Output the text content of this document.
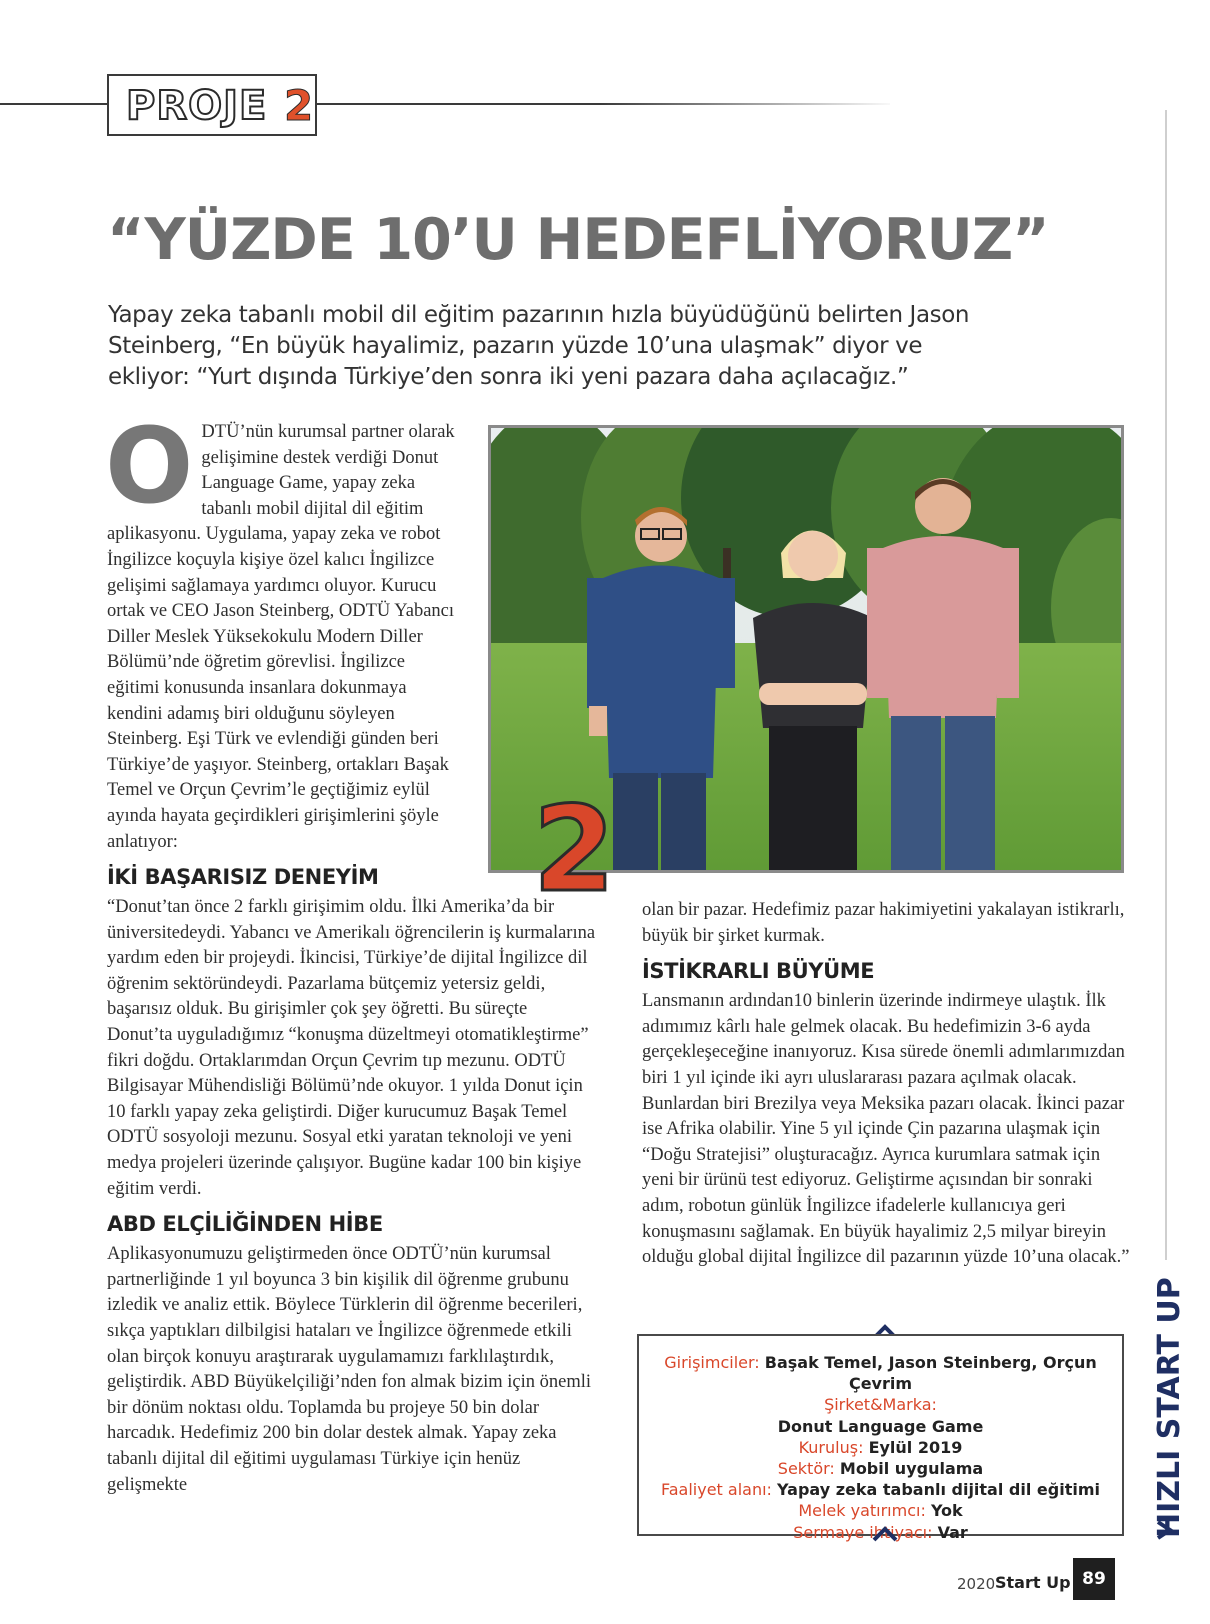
PROJE 2
“YÜZDE 10’U HEDEFLİYORUZ”
Yapay zeka tabanlı mobil dil eğitim pazarının hızla büyüdüğünü belirten Jason Steinberg, “En büyük hayalimiz, pazarın yüzde 10’una ulaşmak” diyor ve ekliyor: “Yurt dışında Türkiye’den sonra iki yeni pazara daha açılacağız.”
O DTÜ’nün kurumsal partner olarak gelişimine destek verdiği Donut Language Game, yapay zeka tabanlı mobil dijital dil eğitim aplikasyonu. Uygulama, yapay zeka ve robot İngilizce koçuyla kişiye özel kalıcı İngilizce gelişimi sağlamaya yardımcı oluyor. Kurucu ortak ve CEO Jason Steinberg, ODTÜ Yabancı Diller Meslek Yüksekokulu Modern Diller Bölümü’nde öğretim görevlisi. İngilizce eğitimi konusunda insanlara dokunmaya kendini adamış biri olduğunu söyleyen Steinberg. Eşi Türk ve evlendiği günden beri Türkiye’de yaşıyor. Steinberg, ortakları Başak Temel ve Orçun Çevrim’le geçtiğimiz eylül ayında hayata geçirdikleri girişimlerini şöyle anlatıyor:

İKİ BAŞARISIZ DENEYİM

“Donut’tan önce 2 farklı girişimim oldu. İlki Amerika’da bir üniversitedeydi. Yabancı ve Amerikalı öğrencilerin iş kurmalarına yardım eden bir projeydi. İkincisi, Türkiye’de dijital İngilizce dil öğrenim sektöründeydi. Pazarlama bütçemiz yetersiz geldi, başarısız olduk. Bu girişimler çok şey öğretti. Bu süreçte Donut’ta uyguladığımız “konuşma düzeltmeyi otomatikleştirme” fikri doğdu. Ortaklarımdan Orçun Çevrim tıp mezunu. ODTÜ Bilgisayar Mühendisliği Bölümü’nde okuyor. 1 yılda Donut için 10 farklı yapay zeka geliştirdi. Diğer kurucumuz Başak Temel ODTÜ sosyoloji mezunu. Sosyal etki yaratan teknoloji ve yeni medya projeleri üzerinde çalışıyor. Bugüne kadar 100 bin kişiye eğitim verdi.

ABD ELÇİLİĞİNDEN HİBE

Aplikasyonumuzu geliştirmeden önce ODTÜ’nün kurumsal partnerliğinde 1 yıl boyunca 3 bin kişilik dil öğrenme grubunu izledik ve analiz ettik. Böylece Türklerin dil öğrenme becerileri, sıkça yaptıkları dilbilgisi hataları ve İngilizce öğrenmede etkili olan birçok konuyu araştırarak uygulamamızı farklılaştırdık, geliştirdik. ABD Büyükelçiliği’nden fon almak bizim için önemli bir dönüm noktası oldu. Toplamda bu projeye 50 bin dolar harcadık. Hedefimiz 200 bin dolar destek almak. Yapay zeka tabanlı dijital dil eğitimi uygulaması Türkiye için henüz gelişmekte

2 olan bir pazar. Hedefimiz pazar hakimiyetini yakalayan istikrarlı, büyük bir şirket kurmak.

İSTİKRARLI BÜYÜME

Lansmanın ardından10 binlerin üzerinde indirmeye ulaştık. İlk adımımız kârlı hale gelmek olacak. Bu hedefimizin 3-6 ayda gerçekleşeceğine inanıyoruz. Kısa sürede önemli adımlarımızdan biri 1 yıl içinde iki ayrı uluslararası pazara açılmak olacak. Bunlardan biri Brezilya veya Meksika pazarı olacak. İkinci pazar ise Afrika olabilir. Yine 5 yıl içinde Çin pazarına ulaşmak için “Doğu Stratejisi” oluşturacağız. Ayrıca kurumlara satmak için yeni bir ürünü test ediyoruz. Geliştirme açısından bir sonraki adım, robotun günlük İngilizce ifadelerle kullanıcıya geri konuşmasını sağlamak. En büyük hayalimiz 2,5 milyar bireyin olduğu global dijital İngilizce dil pazarının yüzde 10’una olacak.”

Girişimciler: Başak Temel, Jason Steinberg, Orçun Çevrim
Şirket&Marka:
Donut Language Game
Kuruluş: Eylül 2019
Sektör: Mobil uygulama
Faaliyet alanı: Yapay zeka tabanlı dijital dil eğitimi
Melek yatırımcı: Yok
Sermaye ihtiyacı: Var	HIZLI START UP
2020 Start Up 89
